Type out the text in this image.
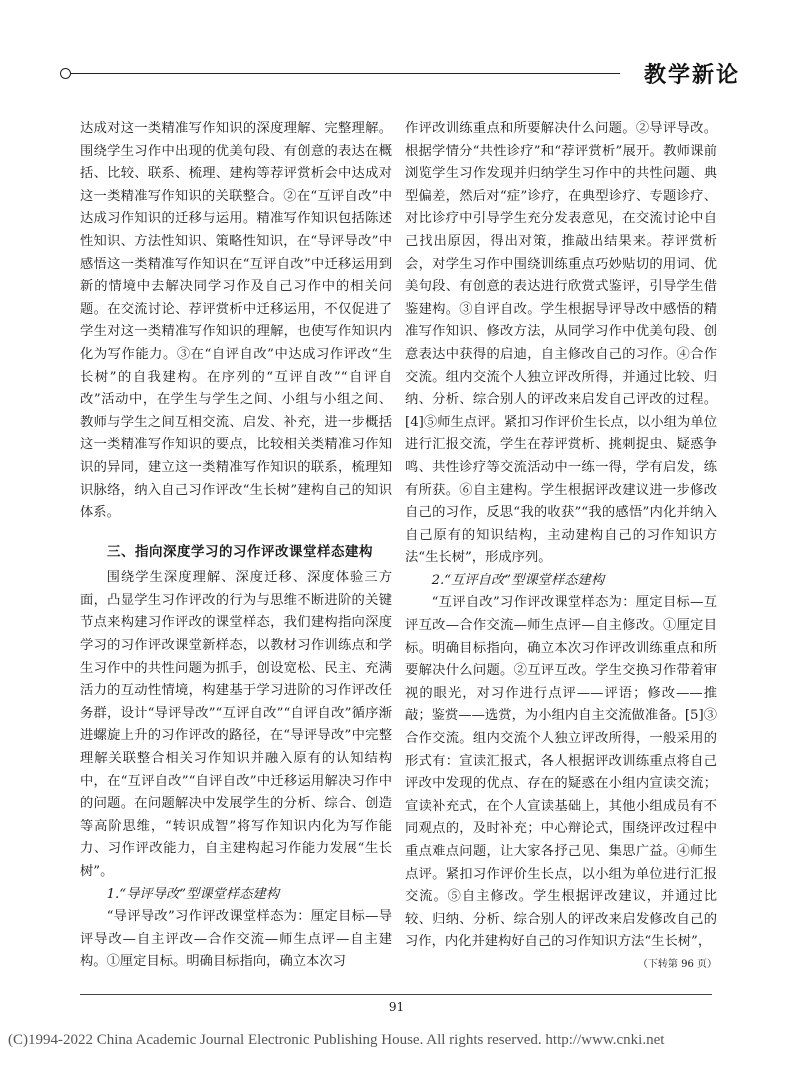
教学新论

达成对这一类精准写作知识的深度理解、完整理解。围绕学生习作中出现的优美句段、有创意的表达在概括、比较、联系、梳理、建构等荐评赏析会中达成对这一类精准写作知识的关联整合。②在“互评自改”中达成习作知识的迁移与运用。精准写作知识包括陈述性知识、方法性知识、策略性知识，在“导评导改”中感悟这一类精准写作知识在“互评自改”中迁移运用到新的情境中去解决同学习作及自己习作中的相关问题。在交流讨论、荐评赏析中迁移运用，不仅促进了学生对这一类精准写作知识的理解，也使写作知识内化为写作能力。③在“自评自改”中达成习作评改“生长树”的自我建构。在序列的“互评自改”“自评自改”活动中，在学生与学生之间、小组与小组之间、教师与学生之间互相交流、启发、补充，进一步概括这一类精准写作知识的要点，比较相关类精准习作知识的异同，建立这一类精准写作知识的联系，梳理知识脉络，纳入自己习作评改“生长树”建构自己的知识体系。

三、指向深度学习的习作评改课堂样态建构

围绕学生深度理解、深度迁移、深度体验三方面，凸显学生习作评改的行为与思维不断进阶的关键节点来构建习作评改的课堂样态，我们建构指向深度学习的习作评改课堂新样态，以教材习作训练点和学生习作中的共性问题为抓手，创设宽松、民主、充满活力的互动性情境，构建基于学习进阶的习作评改任务群，设计“导评导改”“互评自改”“自评自改”循序渐进螺旋上升的习作评改的路径，在“导评导改”中完整理解关联整合相关习作知识并融入原有的认知结构中，在“互评自改”“自评自改”中迁移运用解决习作中的问题。在问题解决中发展学生的分析、综合、创造等高阶思维，“转识成智”将写作知识内化为写作能力、习作评改能力，自主建构起习作能力发展“生长树”。

1.“导评导改”型课堂样态建构

“导评导改”习作评改课堂样态为：厘定目标—导评导改—自主评改—合作交流—师生点评—自主建构。①厘定目标。明确目标指向，确立本次习

作评改训练重点和所要解决什么问题。②导评导改。根据学情分“共性诊疗”和“荐评赏析”展开。教师课前浏览学生习作发现并归纳学生习作中的共性问题、典型偏差，然后对“症”诊疗，在典型诊疗、专题诊疗、对比诊疗中引导学生充分发表意见，在交流讨论中自己找出原因，得出对策，推敲出结果来。荐评赏析会，对学生习作中围绕训练重点巧妙贴切的用词、优美句段、有创意的表达进行欣赏式鉴评，引导学生借鉴建构。③自评自改。学生根据导评导改中感悟的精准写作知识、修改方法，从同学习作中优美句段、创意表达中获得的启迪，自主修改自己的习作。④合作交流。组内交流个人独立评改所得，并通过比较、归纳、分析、综合别人的评改来启发自己评改的过程。[4]⑤师生点评。紧扣习作评价生长点，以小组为单位进行汇报交流，学生在荐评赏析、挑刺捉虫、疑惑争鸣、共性诊疗等交流活动中一练一得，学有启发，练有所获。⑥自主建构。学生根据评改建议进一步修改自己的习作，反思“我的收获”“我的感悟”内化并纳入自己原有的知识结构，主动建构自己的习作知识方法“生长树”，形成序列。

2.“互评自改”型课堂样态建构

“互评自改”习作评改课堂样态为：厘定目标—互评互改—合作交流—师生点评—自主修改。①厘定目标。明确目标指向，确立本次习作评改训练重点和所要解决什么问题。②互评互改。学生交换习作带着审视的眼光，对习作进行点评——评语；修改——推敲；鉴赏——选赏，为小组内自主交流做准备。[5]③合作交流。组内交流个人独立评改所得，一般采用的形式有：宣读汇报式，各人根据评改训练重点将自己评改中发现的优点、存在的疑惑在小组内宣读交流；宣读补充式，在个人宣读基础上，其他小组成员有不同观点的，及时补充；中心辩论式，围绕评改过程中重点难点问题，让大家各抒己见、集思广益。④师生点评。紧扣习作评价生长点，以小组为单位进行汇报交流。⑤自主修改。学生根据评改建议，并通过比较、归纳、分析、综合别人的评改来启发修改自己的习作，内化并建构好自己的习作知识方法“生长树”，
（下转第 96 页）

91
(C)1994-2022 China Academic Journal Electronic Publishing House. All rights reserved. http://www.cnki.net
